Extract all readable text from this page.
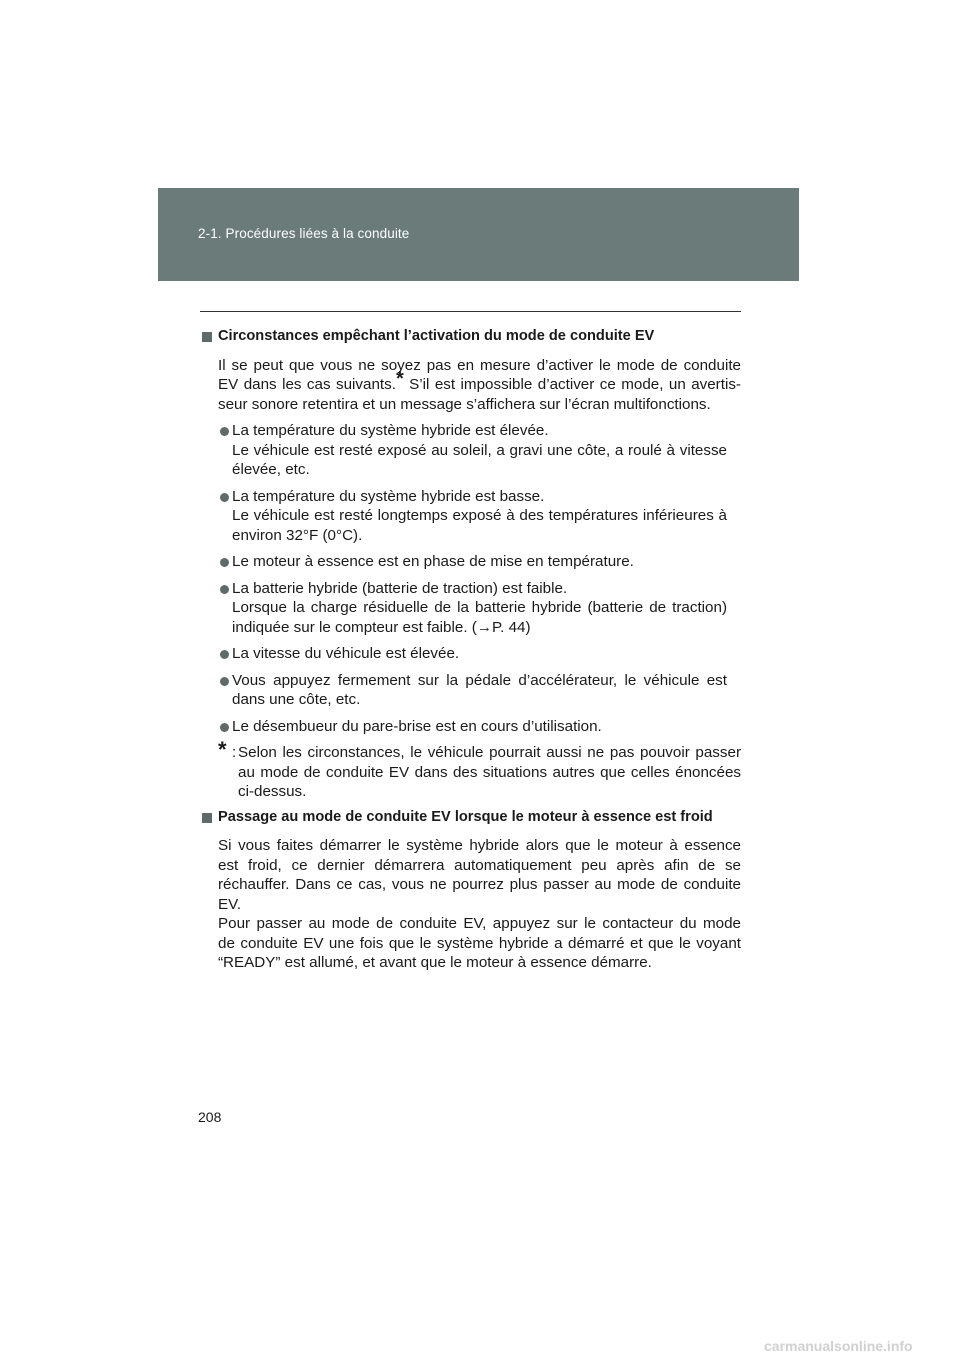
2-1. Procédures liées à la conduite
Circonstances empêchant l’activation du mode de conduite EV
Il se peut que vous ne soyez pas en mesure d’activer le mode de conduite
EV dans les cas suivants.* S’il est impossible d’activer ce mode, un avertis-
seur sonore retentira et un message s’affichera sur l’écran multifonctions.
La température du système hybride est élevée.
Le véhicule est resté exposé au soleil, a gravi une côte, a roulé à vitesse
élevée, etc.
La température du système hybride est basse.
Le véhicule est resté longtemps exposé à des températures inférieures à
environ 32°F (0°C).
Le moteur à essence est en phase de mise en température.
La batterie hybride (batterie de traction) est faible.
Lorsque la charge résiduelle de la batterie hybride (batterie de traction)
indiquée sur le compteur est faible. (→P. 44)
La vitesse du véhicule est élevée.
Vous appuyez fermement sur la pédale d’accélérateur, le véhicule est
dans une côte, etc.
Le désembueur du pare-brise est en cours d’utilisation.
* : Selon les circonstances, le véhicule pourrait aussi ne pas pouvoir passer
au mode de conduite EV dans des situations autres que celles énoncées
ci-dessus.
Passage au mode de conduite EV lorsque le moteur à essence est froid
Si vous faites démarrer le système hybride alors que le moteur à essence
est froid, ce dernier démarrera automatiquement peu après afin de se
réchauffer. Dans ce cas, vous ne pourrez plus passer au mode de conduite
EV.
Pour passer au mode de conduite EV, appuyez sur le contacteur du mode
de conduite EV une fois que le système hybride a démarré et que le voyant
“READY” est allumé, et avant que le moteur à essence démarre.
208
carmanualsonline.info
